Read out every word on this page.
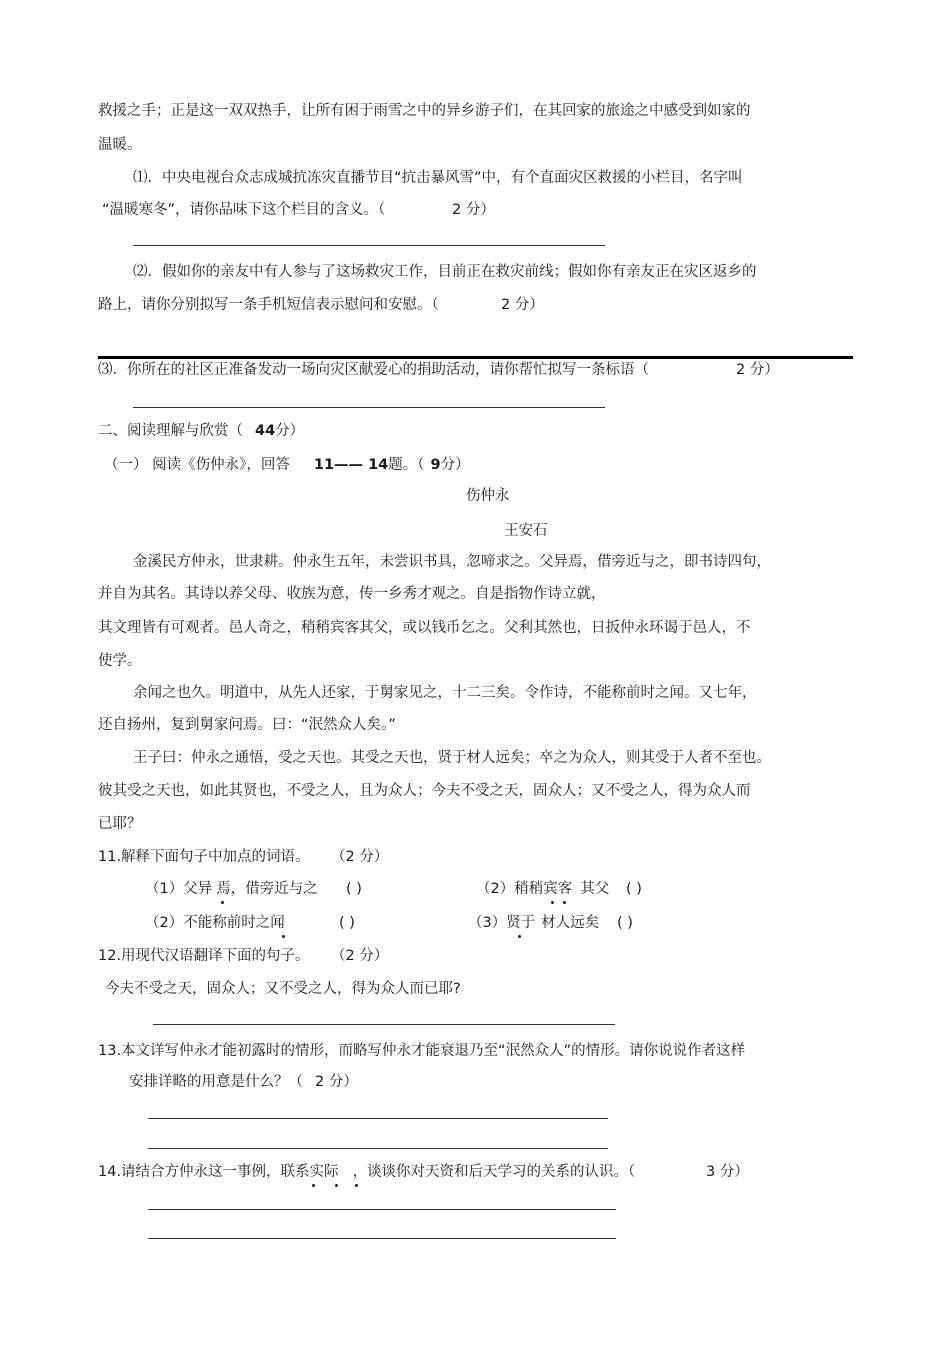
救援之手；正是这一双双热手，让所有困于雨雪之中的异乡游子们，在其回家的旅途之中感受到如家的
温暖。
⑴．中央电视台众志成城抗冻灾直播节目“抗击暴风雪”中，有个直面灾区救援的小栏目，名字叫
“温暖寒冬”，请你品味下这个栏目的含义。（	2 分）
⑵．假如你的亲友中有人参与了这场救灾工作，目前正在救灾前线；假如你有亲友正在灾区返乡的
路上，请你分别拟写一条手机短信表示慰问和安慰。（	2 分）
⑶．你所在的社区正准备发动一场向灾区献爱心的捐助活动，请你帮忙拟写一条标语（	2 分）
二、阅读理解与欣赏（ 44分）
（一） 阅读《伤仲永》，回答 11—— 14题。（ 9分）
伤仲永
王安石
金溪民方仲永，世隶耕。仲永生五年，未尝识书具，忽啼求之。父异焉，借旁近与之，即书诗四句，
并自为其名。其诗以养父母、收族为意，传一乡秀才观之。自是指物作诗立就，
其文理皆有可观者。邑人奇之，稍稍宾客其父，或以钱币乞之。父利其然也，日扳仲永环谒于邑人，不
使学。
余闻之也久。明道中，从先人还家，于舅家见之，十二三矣。令作诗，不能称前时之闻。又七年，
还自扬州，复到舅家问焉。曰：“泯然众人矣。”
王子曰：仲永之通悟，受之天也。其受之天也，贤于材人远矣；卒之为众人，则其受于人者不至也。
彼其受之天也，如此其贤也，不受之人，且为众人；今夫不受之天，固众人；又不受之人，得为众人而
已耶？
11.解释下面句子中加点的词语。 （2 分）
（1）父异 焉，借旁近与之 ( )	（2）稍稍宾客 其父 ( )
（2）不能称前时之闻	( )	（3）贤于 材人远矣 ( )
12.用现代汉语翻译下面的句子。 （2 分）
今夫不受之天，固众人；又不受之人，得为众人而已耶?
13.本文详写仲永才能初露时的情形，而略写仲永才能衰退乃至“泯然众人”的情形。请你说说作者这样
安排详略的用意是什么？（ 2 分）
14.请结合方仲永这一事例，联系实际 ，谈谈你对天资和后天学习的关系的认识。（	3 分）
